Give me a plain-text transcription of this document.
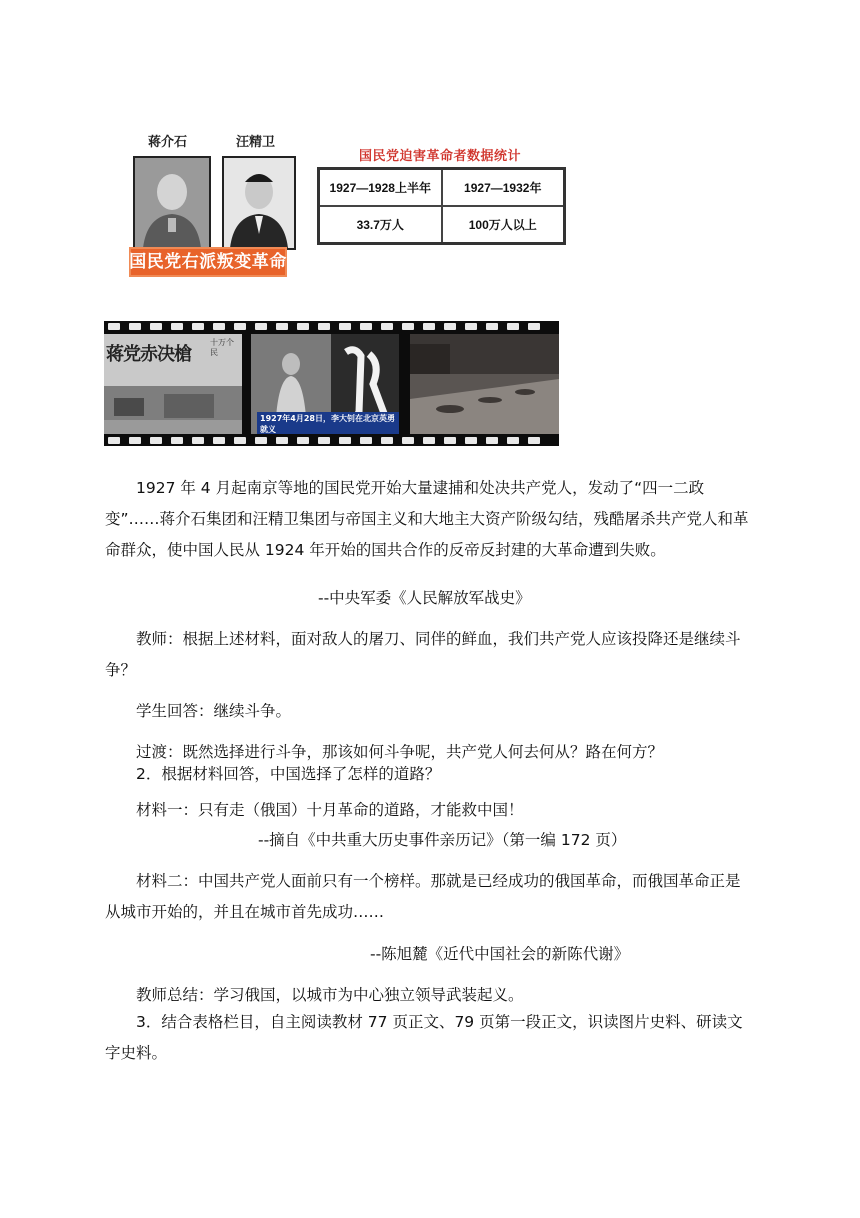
蒋介石	汪精卫
国民党右派叛变革命
国民党迫害革命者数据统计
1927—1928上半年	1927—1932年
33.7万人	100万人以上
蒋党赤决槍
十万个 民
1927年4月28日，李大钊在北京英勇就义
1927 年 4 月起南京等地的国民党开始大量逮捕和处决共产党人，发动了“四一二政变”……蒋介石集团和汪精卫集团与帝国主义和大地主大资产阶级勾结，残酷屠杀共产党人和革命群众，使中国人民从 1924 年开始的国共合作的反帝反封建的大革命遭到失败。
--中央军委《人民解放军战史》
教师：根据上述材料，面对敌人的屠刀、同伴的鲜血，我们共产党人应该投降还是继续斗争？
学生回答：继续斗争。
过渡：既然选择进行斗争，那该如何斗争呢，共产党人何去何从？路在何方？
2．根据材料回答，中国选择了怎样的道路？
材料一：只有走（俄国）十月革命的道路，才能救中国！
--摘自《中共重大历史事件亲历记》（第一编 172 页）
材料二：中国共产党人面前只有一个榜样。那就是已经成功的俄国革命，而俄国革命正是从城市开始的，并且在城市首先成功……
--陈旭麓《近代中国社会的新陈代谢》
教师总结：学习俄国，以城市为中心独立领导武装起义。
3．结合表格栏目，自主阅读教材 77 页正文、79 页第一段正文，识读图片史料、研读文字史料。
